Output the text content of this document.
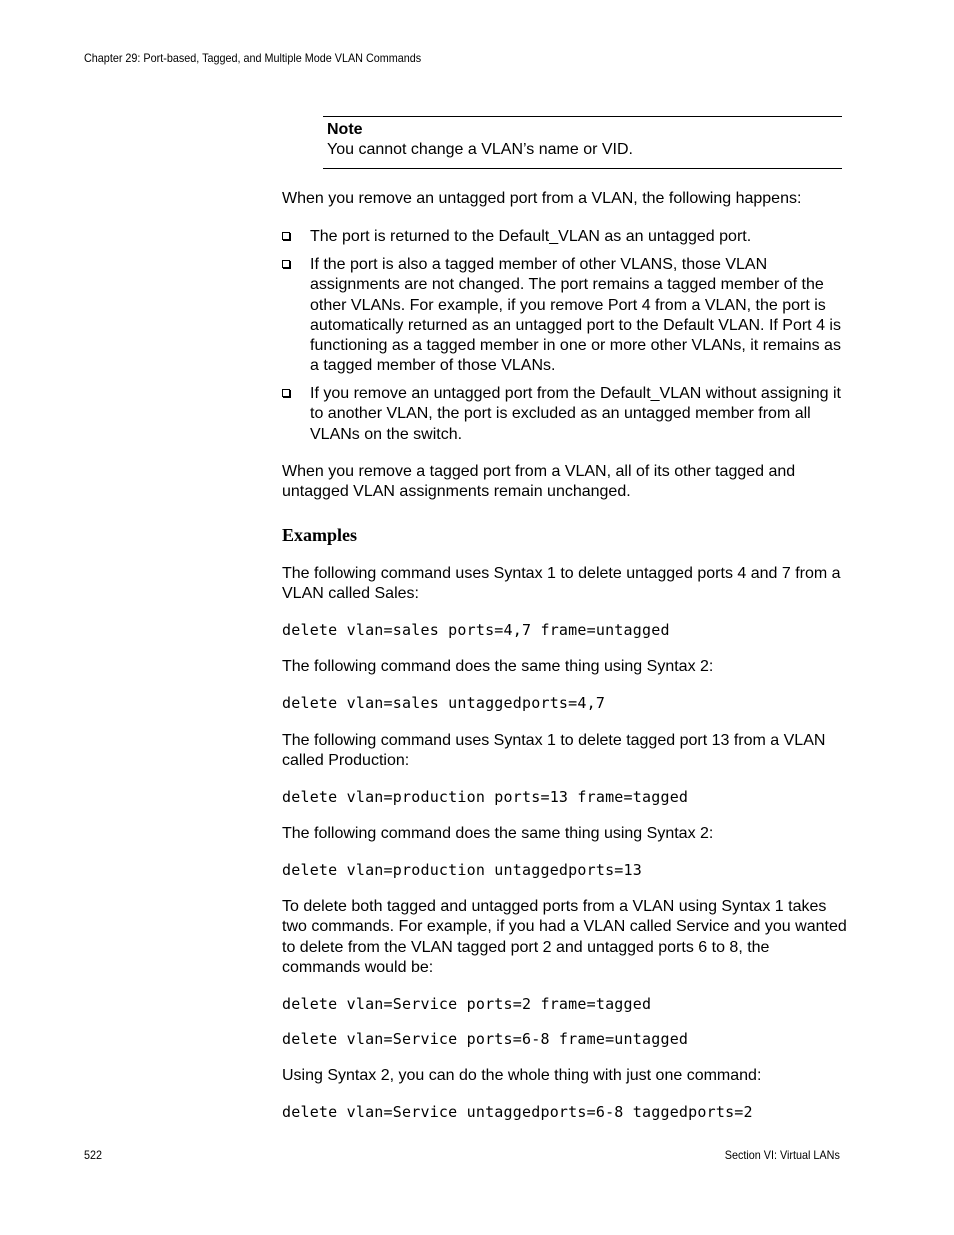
Chapter 29: Port-based, Tagged, and Multiple Mode VLAN Commands
Note
You cannot change a VLAN’s name or VID.
When you remove an untagged port from a VLAN, the following happens:
The port is returned to the Default_VLAN as an untagged port.
If the port is also a tagged member of other VLANS, those VLAN assignments are not changed. The port remains a tagged member of the other VLANs. For example, if you remove Port 4 from a VLAN, the port is automatically returned as an untagged port to the Default VLAN. If Port 4 is functioning as a tagged member in one or more other VLANs, it remains as a tagged member of those VLANs.
If you remove an untagged port from the Default_VLAN without assigning it to another VLAN, the port is excluded as an untagged member from all VLANs on the switch.
When you remove a tagged port from a VLAN, all of its other tagged and untagged VLAN assignments remain unchanged.
Examples
The following command uses Syntax 1 to delete untagged ports 4 and 7 from a VLAN called Sales:
delete vlan=sales ports=4,7 frame=untagged
The following command does the same thing using Syntax 2:
delete vlan=sales untaggedports=4,7
The following command uses Syntax 1 to delete tagged port 13 from a VLAN called Production:
delete vlan=production ports=13 frame=tagged
The following command does the same thing using Syntax 2:
delete vlan=production untaggedports=13
To delete both tagged and untagged ports from a VLAN using Syntax 1 takes two commands. For example, if you had a VLAN called Service and you wanted to delete from the VLAN tagged port 2 and untagged ports 6 to 8, the commands would be:
delete vlan=Service ports=2 frame=tagged
delete vlan=Service ports=6-8 frame=untagged
Using Syntax 2, you can do the whole thing with just one command:
delete vlan=Service untaggedports=6-8 taggedports=2
522	Section VI: Virtual LANs
